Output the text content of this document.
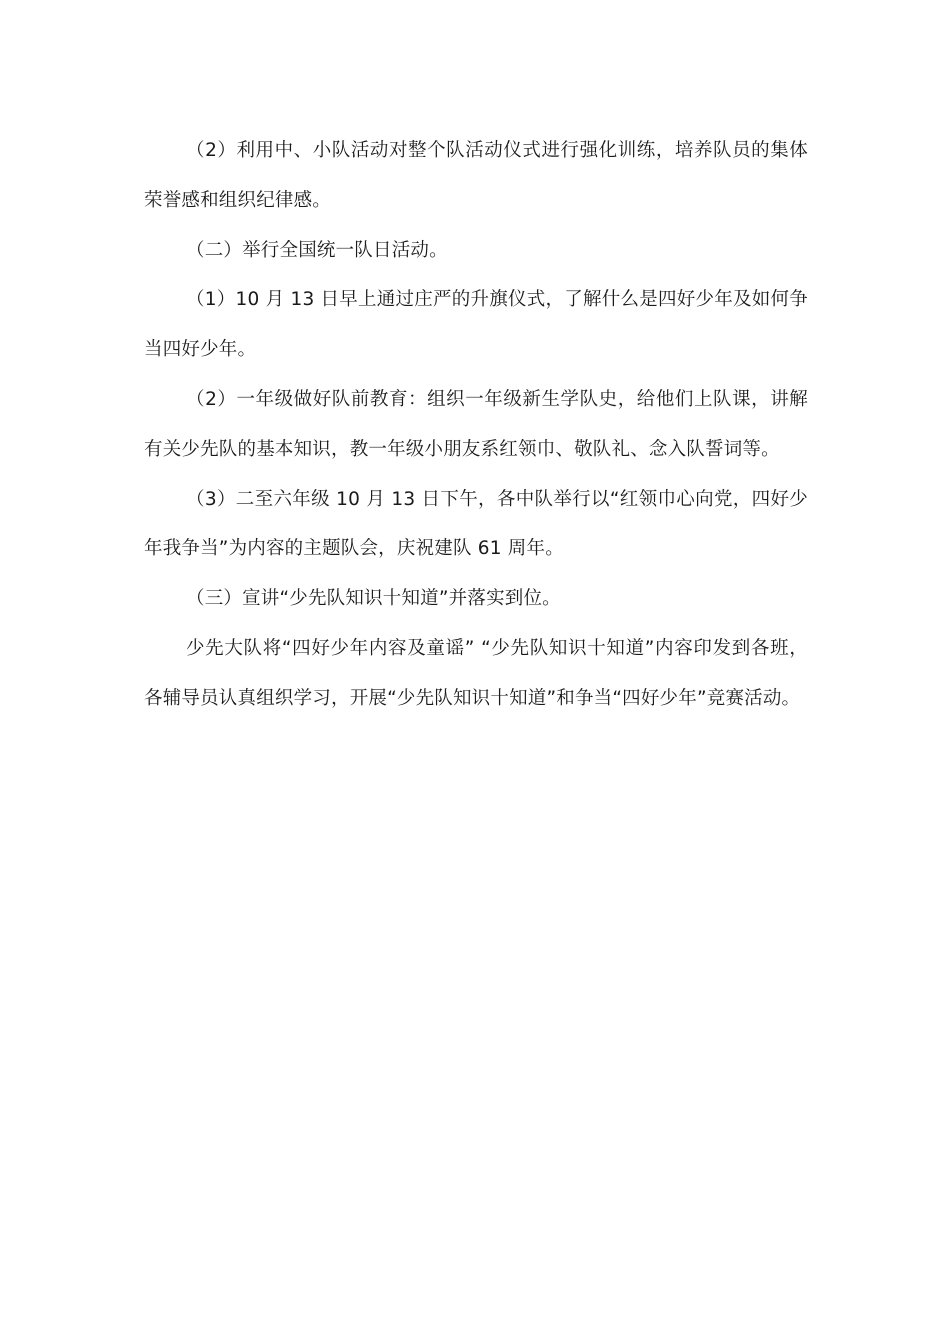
（2）利用中、小队活动对整个队活动仪式进行强化训练，培养队员的集体荣誉感和组织纪律感。

（二）举行全国统一队日活动。

（1）10 月 13 日早上通过庄严的升旗仪式，了解什么是四好少年及如何争当四好少年。

（2）一年级做好队前教育：组织一年级新生学队史，给他们上队课，讲解有关少先队的基本知识，教一年级小朋友系红领巾、敬队礼、念入队誓词等。

（3）二至六年级 10 月 13 日下午，各中队举行以“红领巾心向党，四好少年我争当”为内容的主题队会，庆祝建队 61 周年。

（三）宣讲“少先队知识十知道”并落实到位。

少先大队将“四好少年内容及童谣” “少先队知识十知道”内容印发到各班，各辅导员认真组织学习，开展“少先队知识十知道”和争当“四好少年”竞赛活动。
